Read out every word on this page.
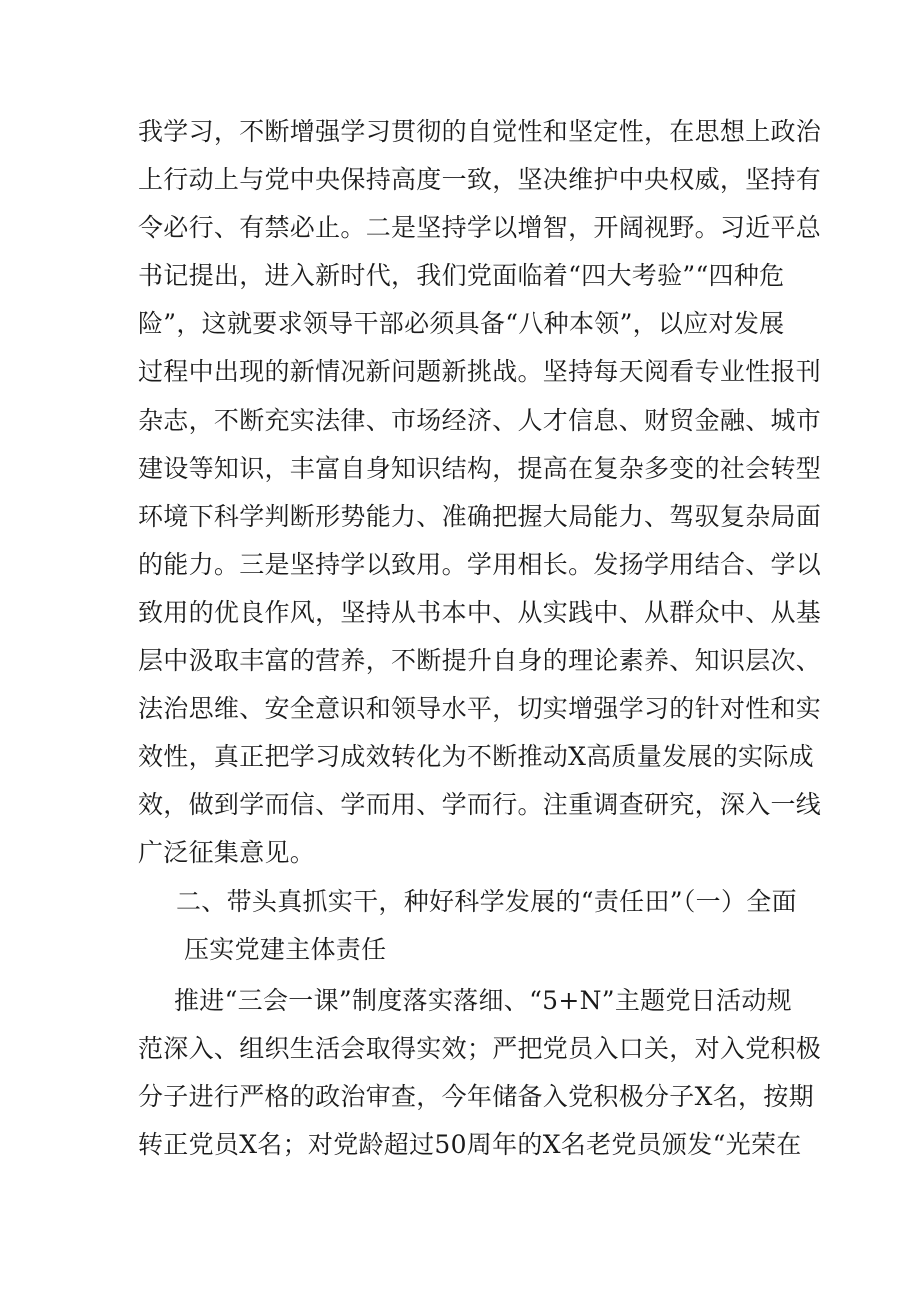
我学习，不断增强学习贯彻的自觉性和坚定性，在思想上政治
上行动上与党中央保持高度一致，坚决维护中央权威，坚持有
令必行、有禁必止。二是坚持学以增智，开阔视野。习近平总
书记提出，进入新时代，我们党面临着“四大考验”“四种危
险”，这就要求领导干部必须具备“八种本领”，以应对发展
过程中出现的新情况新问题新挑战。坚持每天阅看专业性报刊
杂志，不断充实法律、市场经济、人才信息、财贸金融、城市
建设等知识，丰富自身知识结构，提高在复杂多变的社会转型
环境下科学判断形势能力、准确把握大局能力、驾驭复杂局面
的能力。三是坚持学以致用。学用相长。发扬学用结合、学以
致用的优良作风，坚持从书本中、从实践中、从群众中、从基
层中汲取丰富的营养，不断提升自身的理论素养、知识层次、
法治思维、安全意识和领导水平，切实增强学习的针对性和实
效性，真正把学习成效转化为不断推动X高质量发展的实际成
效，做到学而信、学而用、学而行。注重调查研究，深入一线
广泛征集意见。
二、带头真抓实干，种好科学发展的“责任田”（一）全面
压实党建主体责任
推进“三会一课”制度落实落细、“5+N”主题党日活动规
范深入、组织生活会取得实效；严把党员入口关，对入党积极
分子进行严格的政治审查，今年储备入党积极分子X名，按期
转正党员X名；对党龄超过50周年的X名老党员颁发“光荣在
